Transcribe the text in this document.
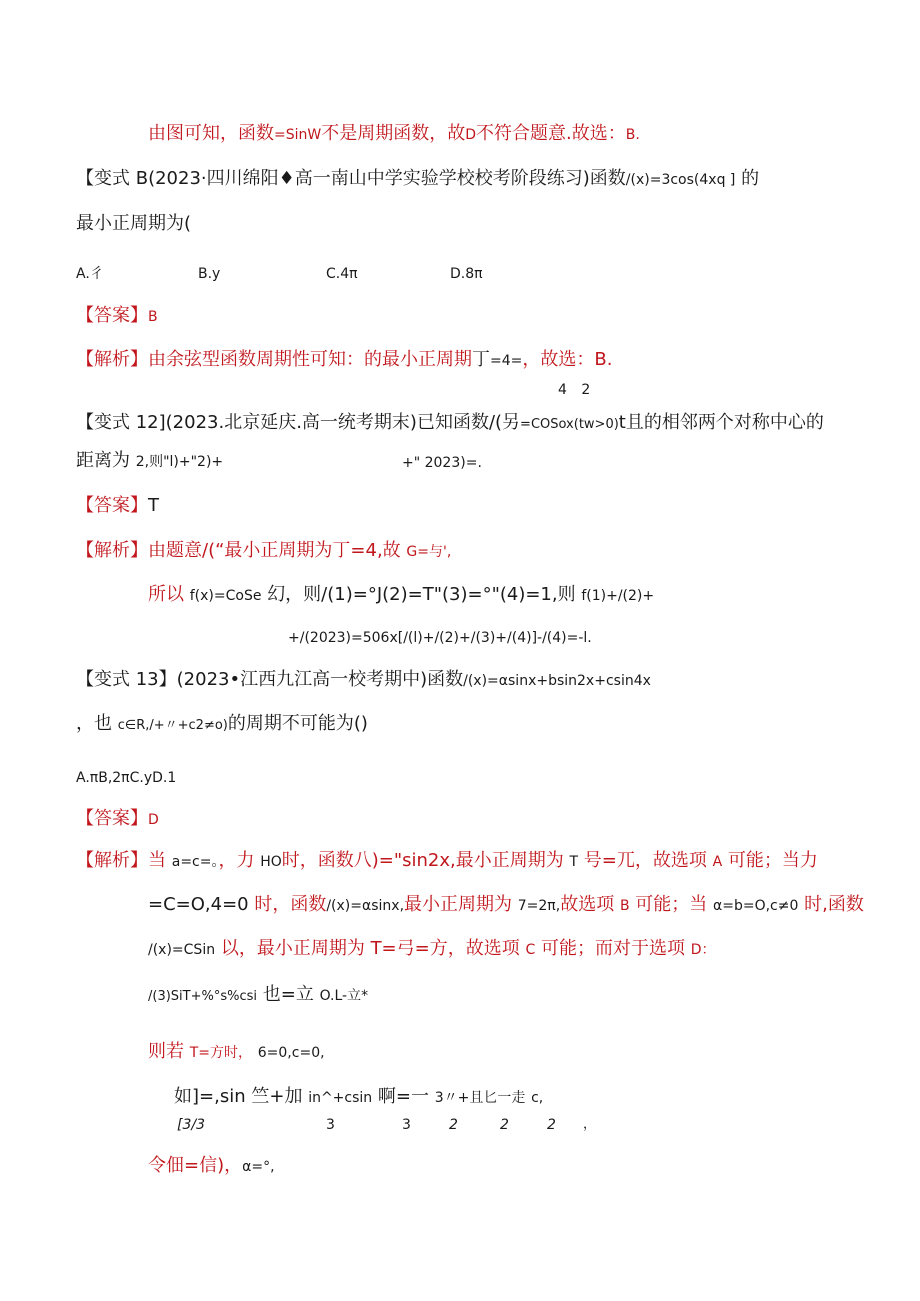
由图可知，函数=SinW不是周期函数，故D不符合题意.故选：B.
【变式 B(2023·四川绵阳♦高一南山中学实验学校校考阶段练习)函数/(x)=3cos(4xq ] 的
最小正周期为(
A.彳	B.y	C.4π	D.8π
【答案】B
【解析】由余弦型函数周期性可知：的最小正周期丁=4=，故选：B.
4 2
【变式 12](2023.北京延庆.高一统考期末)已知函数/(另=COSox(tw>0)t且的相邻两个对称中心的
距离为 2,则"l)+"2)+	+" 2023)=.
【答案】T
【解析】由题意/(“最小正周期为丁=4,故 G=与',
所以 f(x)=CoSe 幻，则/(1)=°J(2)=T"(3)=°"(4)=1,则 f(1)+/(2)+
+/(2023)=506x[/(l)+/(2)+/(3)+/(4)]-/(4)=-l.
【变式 13】(2023•江西九江高一校考期中)函数/(x)=αsinx+bsin2x+csin4x
，也 c∈R,/+〃+c2≠o)的周期不可能为()
A.πB,2πC.yD.1
【答案】D
【解析】当 a=c=。，力 HO时，函数八)="sin2x,最小正周期为 T 号=兀，故选项 A 可能；当力
=C=O,4=0 时，函数/(x)=αsinx,最小正周期为 7=2π,故选项 B 可能；当 α=b=O,c≠0 时,函数
/(x)=CSin 以，最小正周期为 T=弓=方，故选项 C 可能；而对于选项 D：
/(3)SiT+%°s%csi 也=立 O.L-立*
则若 T=方时， 6=0,c=0,
如]=,sin 竺+加 in^+csin 啊=一 3〃+且匕一走 c,
[3/3	3	3	2	2	2 ，
令佃=信)，α=°,
